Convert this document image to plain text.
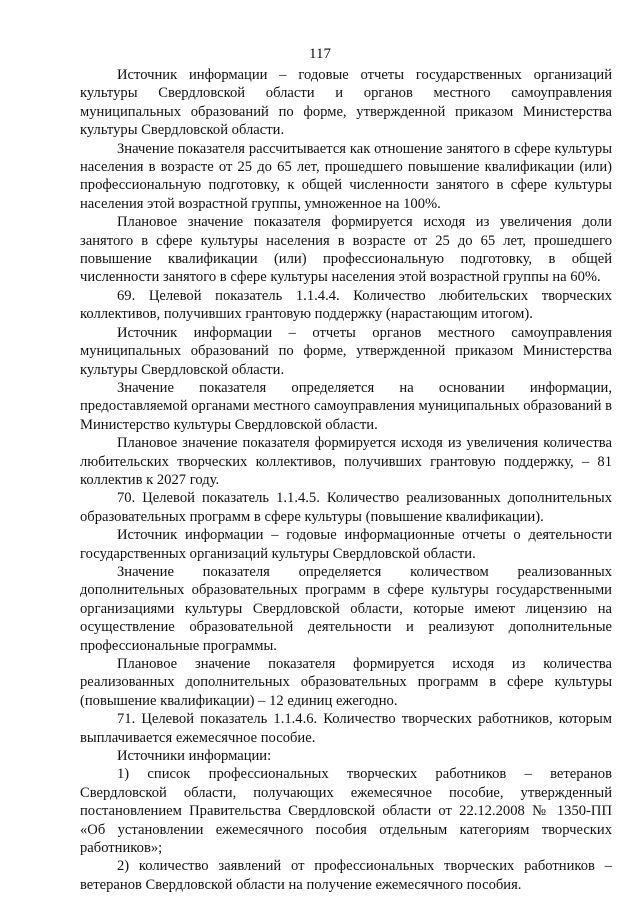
117

Источник информации – годовые отчеты государственных организаций культуры Свердловской области и органов местного самоуправления муниципальных образований по форме, утвержденной приказом Министерства культуры Свердловской области.

Значение показателя рассчитывается как отношение занятого в сфере культуры населения в возрасте от 25 до 65 лет, прошедшего повышение квалификации (или) профессиональную подготовку, к общей численности занятого в сфере культуры населения этой возрастной группы, умноженное на 100%.

Плановое значение показателя формируется исходя из увеличения доли занятого в сфере культуры населения в возрасте от 25 до 65 лет, прошедшего повышение квалификации (или) профессиональную подготовку, в общей численности занятого в сфере культуры населения этой возрастной группы на 60%.

69. Целевой показатель 1.1.4.4. Количество любительских творческих коллективов, получивших грантовую поддержку (нарастающим итогом).

Источник информации – отчеты органов местного самоуправления муниципальных образований по форме, утвержденной приказом Министерства культуры Свердловской области.

Значение показателя определяется на основании информации, предоставляемой органами местного самоуправления муниципальных образований в Министерство культуры Свердловской области.

Плановое значение показателя формируется исходя из увеличения количества любительских творческих коллективов, получивших грантовую поддержку, – 81 коллектив к 2027 году.

70. Целевой показатель 1.1.4.5. Количество реализованных дополнительных образовательных программ в сфере культуры (повышение квалификации).

Источник информации – годовые информационные отчеты о деятельности государственных организаций культуры Свердловской области.

Значение показателя определяется количеством реализованных дополнительных образовательных программ в сфере культуры государственными организациями культуры Свердловской области, которые имеют лицензию на осуществление образовательной деятельности и реализуют дополнительные профессиональные программы.

Плановое значение показателя формируется исходя из количества реализованных дополнительных образовательных программ в сфере культуры (повышение квалификации) – 12 единиц ежегодно.

71. Целевой показатель 1.1.4.6. Количество творческих работников, которым выплачивается ежемесячное пособие.

Источники информации:

1) список профессиональных творческих работников – ветеранов Свердловской области, получающих ежемесячное пособие, утвержденный постановлением Правительства Свердловской области от 22.12.2008 № 1350-ПП «Об установлении ежемесячного пособия отдельным категориям творческих работников»;

2) количество заявлений от профессиональных творческих работников – ветеранов Свердловской области на получение ежемесячного пособия.
